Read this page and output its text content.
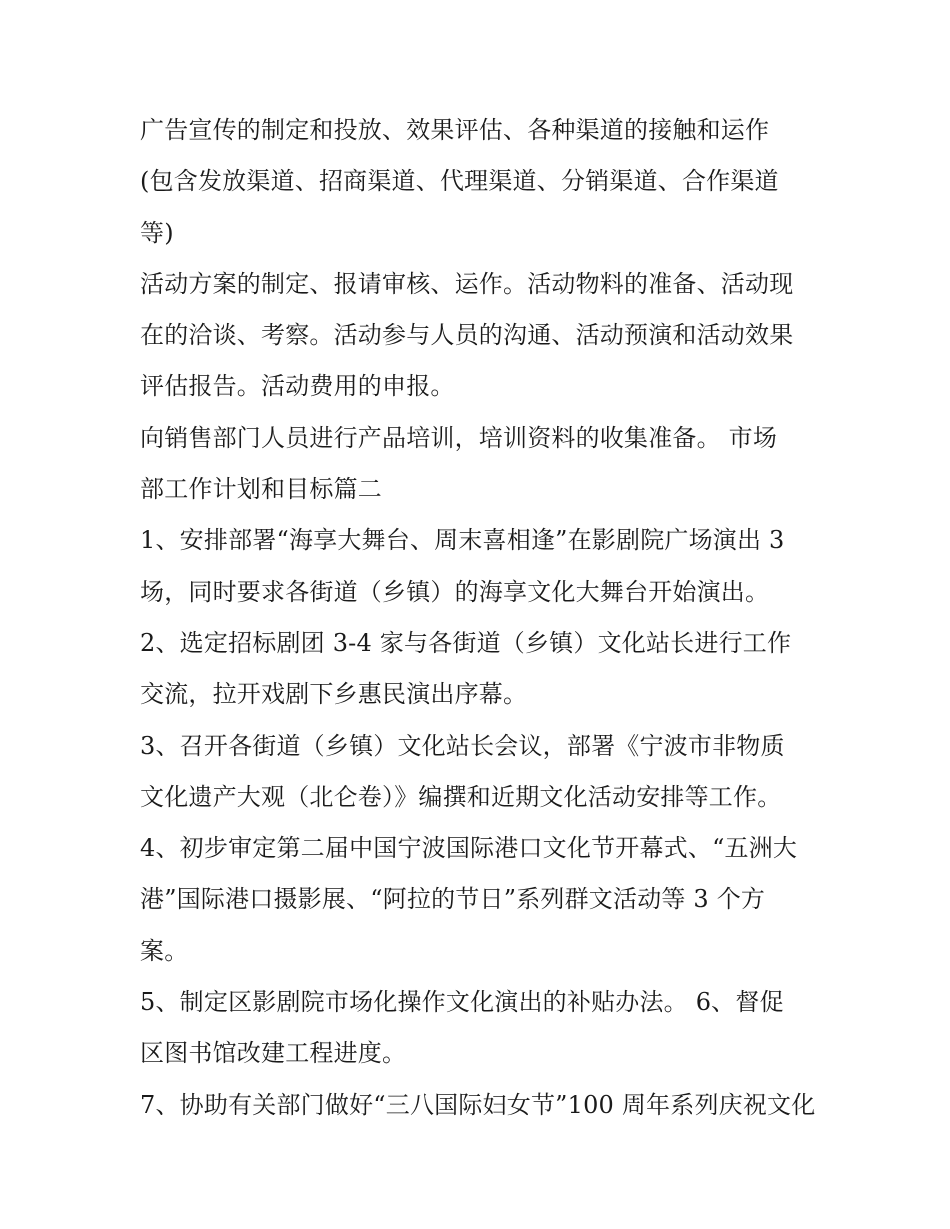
广告宣传的制定和投放、效果评估、各种渠道的接触和运作
(包含发放渠道、招商渠道、代理渠道、分销渠道、合作渠道
等)
活动方案的制定、报请审核、运作。活动物料的准备、活动现
在的洽谈、考察。活动参与人员的沟通、活动预演和活动效果
评估报告。活动费用的申报。
向销售部门人员进行产品培训，培训资料的收集准备。 市场
部工作计划和目标篇二
1、安排部署“海享大舞台、周末喜相逢”在影剧院广场演出 3
场，同时要求各街道（乡镇）的海享文化大舞台开始演出。
2、选定招标剧团 3-4 家与各街道（乡镇）文化站长进行工作
交流，拉开戏剧下乡惠民演出序幕。
3、召开各街道（乡镇）文化站长会议，部署《宁波市非物质
文化遗产大观（北仑卷）》编撰和近期文化活动安排等工作。
4、初步审定第二届中国宁波国际港口文化节开幕式、“五洲大
港”国际港口摄影展、“阿拉的节日”系列群文活动等 3 个方
案。
5、制定区影剧院市场化操作文化演出的补贴办法。 6、督促
区图书馆改建工程进度。
7、协助有关部门做好“三八国际妇女节”100 周年系列庆祝文化
